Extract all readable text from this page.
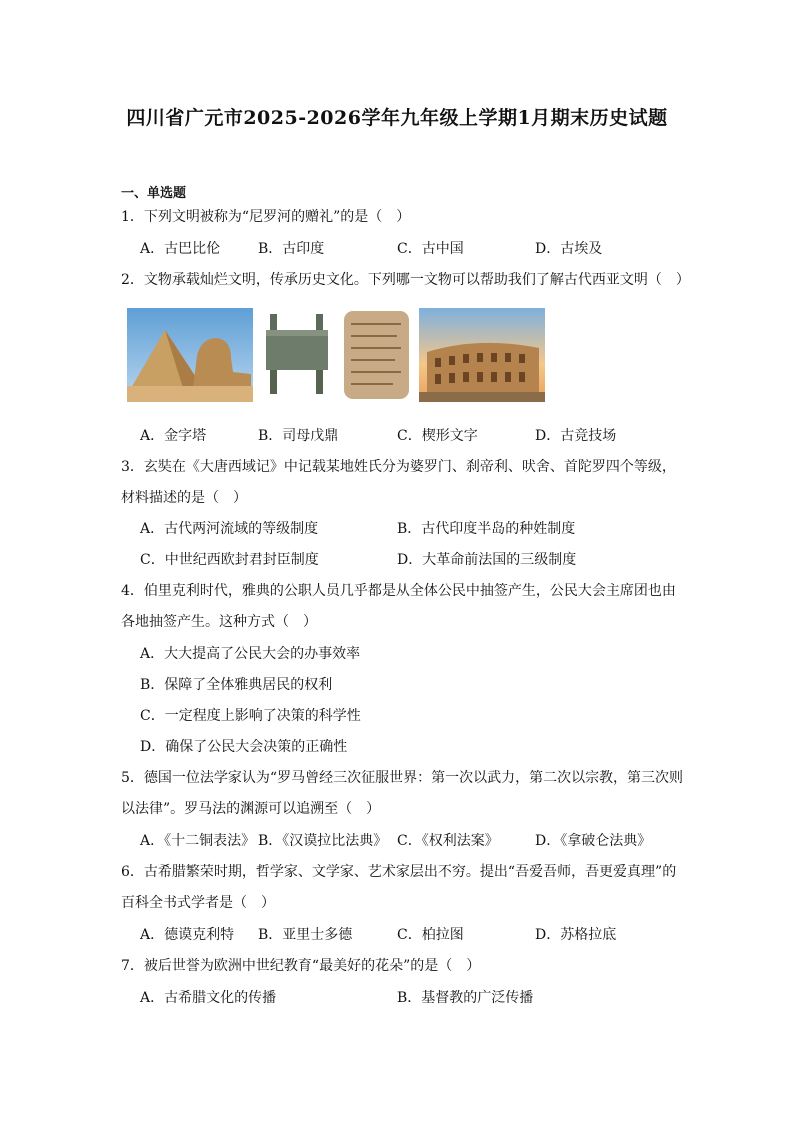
四川省广元市2025-2026学年九年级上学期1月期末历史试题
一、单选题
1．下列文明被称为“尼罗河的赠礼”的是（　）
A．古巴比伦	B．古印度	C．古中国	D．古埃及
2．文物承载灿烂文明，传承历史文化。下列哪一文物可以帮助我们了解古代西亚文明（　）
A．金字塔	B．司母戊鼎	C．楔形文字	D．古竞技场
3．玄奘在《大唐西域记》中记载某地姓氏分为婆罗门、刹帝利、吠舍、首陀罗四个等级，
材料描述的是（　）
A．古代两河流域的等级制度	B．古代印度半岛的种姓制度
C．中世纪西欧封君封臣制度	D．大革命前法国的三级制度
4．伯里克利时代，雅典的公职人员几乎都是从全体公民中抽签产生，公民大会主席团也由
各地抽签产生。这种方式（　）
A．大大提高了公民大会的办事效率
B．保障了全体雅典居民的权利
C．一定程度上影响了决策的科学性
D．确保了公民大会决策的正确性
5．德国一位法学家认为“罗马曾经三次征服世界：第一次以武力，第二次以宗教，第三次则
以法律”。罗马法的渊源可以追溯至（　）
A．《十二铜表法》 B．《汉谟拉比法典》 C．《权利法案》	D．《拿破仑法典》
6．古希腊繁荣时期，哲学家、文学家、艺术家层出不穷。提出“吾爱吾师，吾更爱真理”的
百科全书式学者是（　）
A．德谟克利特 B．亚里士多德	C．柏拉图	D．苏格拉底
7．被后世誉为欧洲中世纪教育“最美好的花朵”的是（　）
A．古希腊文化的传播	B．基督教的广泛传播
